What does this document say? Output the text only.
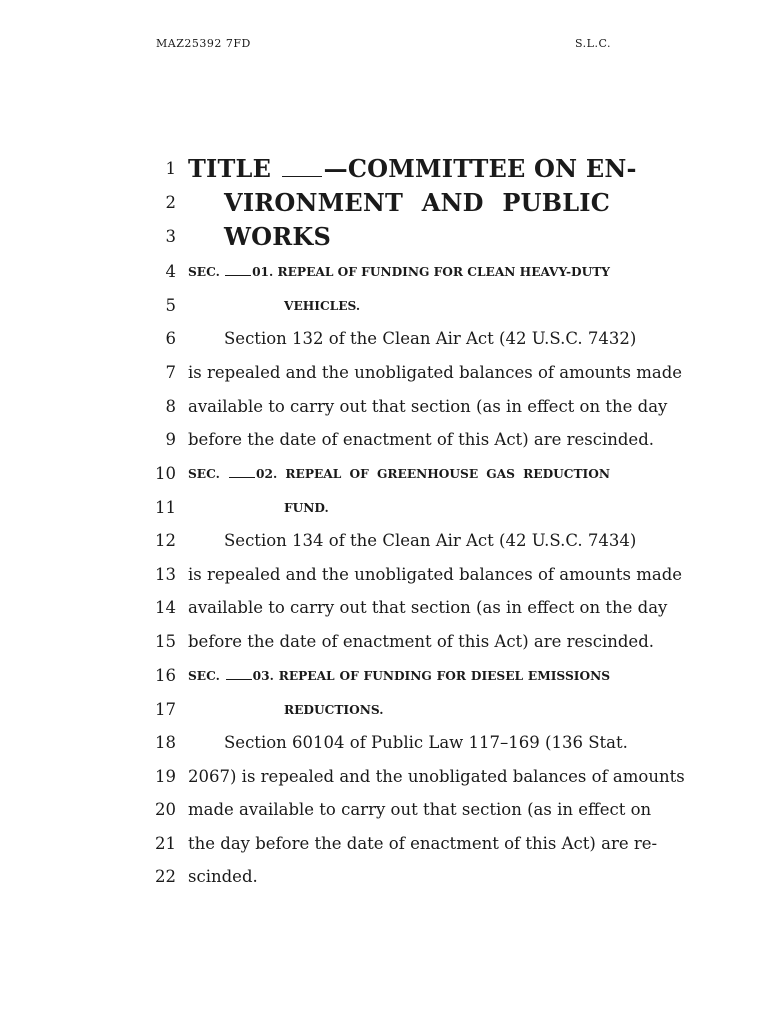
MAZ25392 7FD	S.L.C.
1 TITLE —COMMITTEE ON EN-
2 VIRONMENT AND PUBLIC
3 WORKS
4 SEC. 01. REPEAL OF FUNDING FOR CLEAN HEAVY-DUTY
5	VEHICLES.
6	Section 132 of the Clean Air Act (42 U.S.C. 7432)
7 is repealed and the unobligated balances of amounts made
8 available to carry out that section (as in effect on the day
9 before the date of enactment of this Act) are rescinded.
10 SEC. 02. REPEAL OF GREENHOUSE GAS REDUCTION
11	FUND.
12	Section 134 of the Clean Air Act (42 U.S.C. 7434)
13 is repealed and the unobligated balances of amounts made
14 available to carry out that section (as in effect on the day
15 before the date of enactment of this Act) are rescinded.
16 SEC. 03. REPEAL OF FUNDING FOR DIESEL EMISSIONS
17	REDUCTIONS.
18	Section 60104 of Public Law 117–169 (136 Stat.
19 2067) is repealed and the unobligated balances of amounts
20 made available to carry out that section (as in effect on
21 the day before the date of enactment of this Act) are re-
22 scinded.
